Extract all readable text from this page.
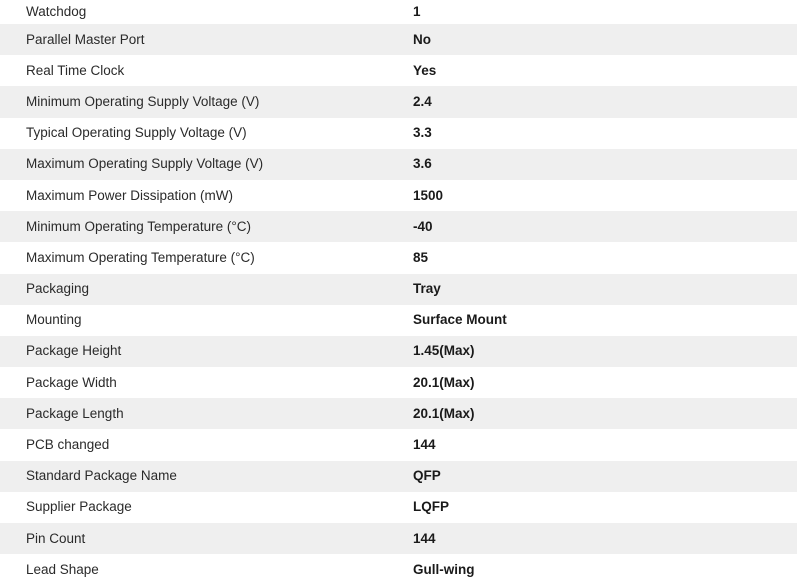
Watchdog	1
Parallel Master Port	No
Real Time Clock	Yes
Minimum Operating Supply Voltage (V)	2.4
Typical Operating Supply Voltage (V)	3.3
Maximum Operating Supply Voltage (V)	3.6
Maximum Power Dissipation (mW)	1500
Minimum Operating Temperature (°C)	-40
Maximum Operating Temperature (°C)	85
Packaging	Tray
Mounting	Surface Mount
Package Height	1.45(Max)
Package Width	20.1(Max)
Package Length	20.1(Max)
PCB changed	144
Standard Package Name	QFP
Supplier Package	LQFP
Pin Count	144
Lead Shape	Gull-wing
